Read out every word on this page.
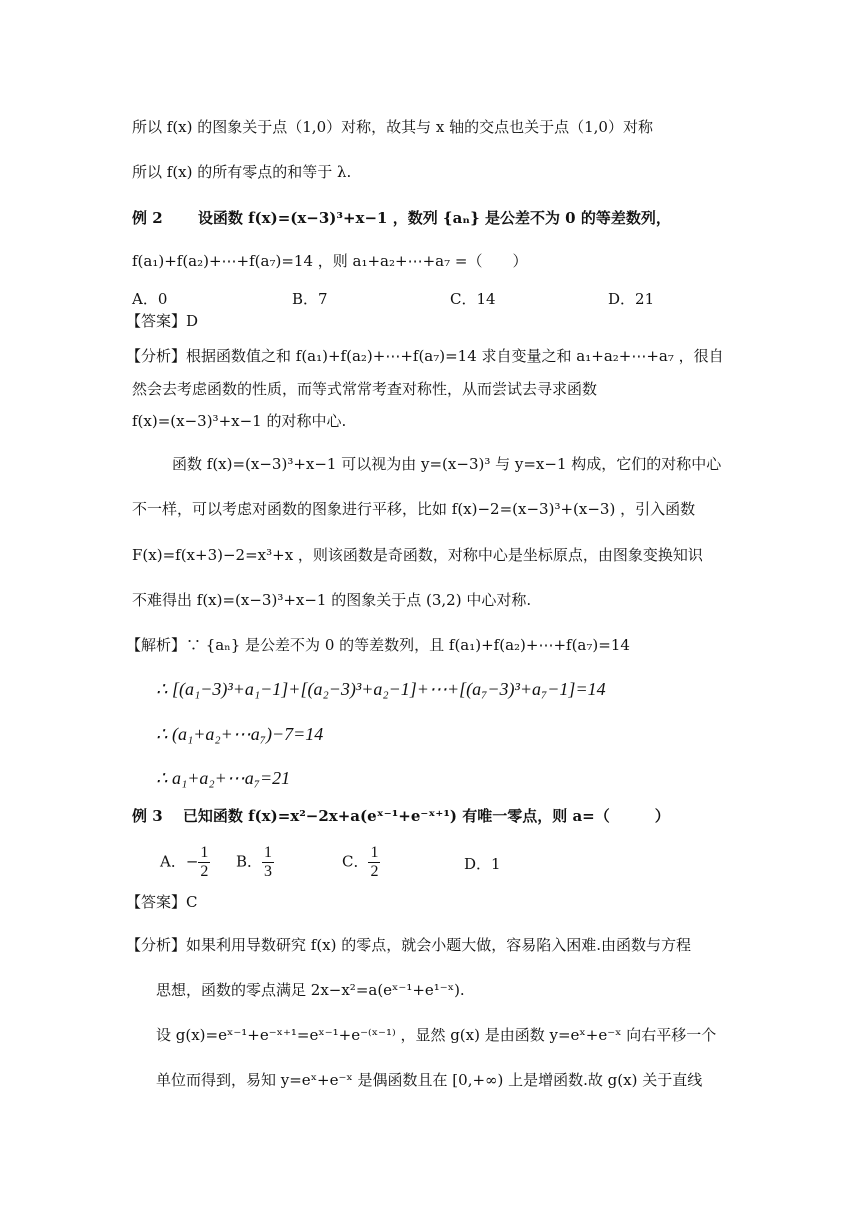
所以 f(x) 的图象关于点（1,0）对称，故其与 x 轴的交点也关于点（1,0）对称
所以 f(x) 的所有零点的和等于 λ.
例 2　　 设函数 f(x)=(x−3)³+x−1 ，数列 {aₙ} 是公差不为 0 的等差数列，
f(a₁)+f(a₂)+⋯+f(a₇)=14 ，则 a₁+a₂+⋯+a₇ =（　　）
A．0	B．7	C．14	D．21
【答案】D
【分析】根据函数值之和 f(a₁)+f(a₂)+⋯+f(a₇)=14 求自变量之和 a₁+a₂+⋯+a₇ ，很自
然会去考虑函数的性质，而等式常常考查对称性，从而尝试去寻求函数
f(x)=(x−3)³+x−1 的对称中心.
函数 f(x)=(x−3)³+x−1 可以视为由 y=(x−3)³ 与 y=x−1 构成，它们的对称中心
不一样，可以考虑对函数的图象进行平移，比如 f(x)−2=(x−3)³+(x−3) ，引入函数
F(x)=f(x+3)−2=x³+x ，则该函数是奇函数，对称中心是坐标原点，由图象变换知识
不难得出 f(x)=(x−3)³+x−1 的图象关于点 (3,2) 中心对称.
【解析】∵ {aₙ} 是公差不为 0 的等差数列，且 f(a₁)+f(a₂)+⋯+f(a₇)=14
∴ [(a₁−3)³+a₁−1]+[(a₂−3)³+a₂−1]+⋯+[(a₇−3)³+a₇−1]=14
∴ (a₁+a₂+⋯a₇)−7=14
∴ a₁+a₂+⋯a₇=21
例 3　 已知函数 f(x)=x²−2x+a(eˣ⁻¹+e⁻ˣ⁺¹) 有唯一零点，则 a=（　　　）
A．− $\frac{1}{2}$ B． $\frac{1}{3}$	C． $\frac{1}{2}$	D．1
【答案】C
【分析】如果利用导数研究 f(x) 的零点，就会小题大做，容易陷入困难.由函数与方程
思想，函数的零点满足 2x−x²=a(eˣ⁻¹+e¹⁻ˣ).
设 g(x)=eˣ⁻¹+e⁻ˣ⁺¹=eˣ⁻¹+e⁻⁽ˣ⁻¹⁾ ，显然 g(x) 是由函数 y=eˣ+e⁻ˣ 向右平移一个
单位而得到，易知 y=eˣ+e⁻ˣ 是偶函数且在 [0,+∞) 上是增函数.故 g(x) 关于直线
